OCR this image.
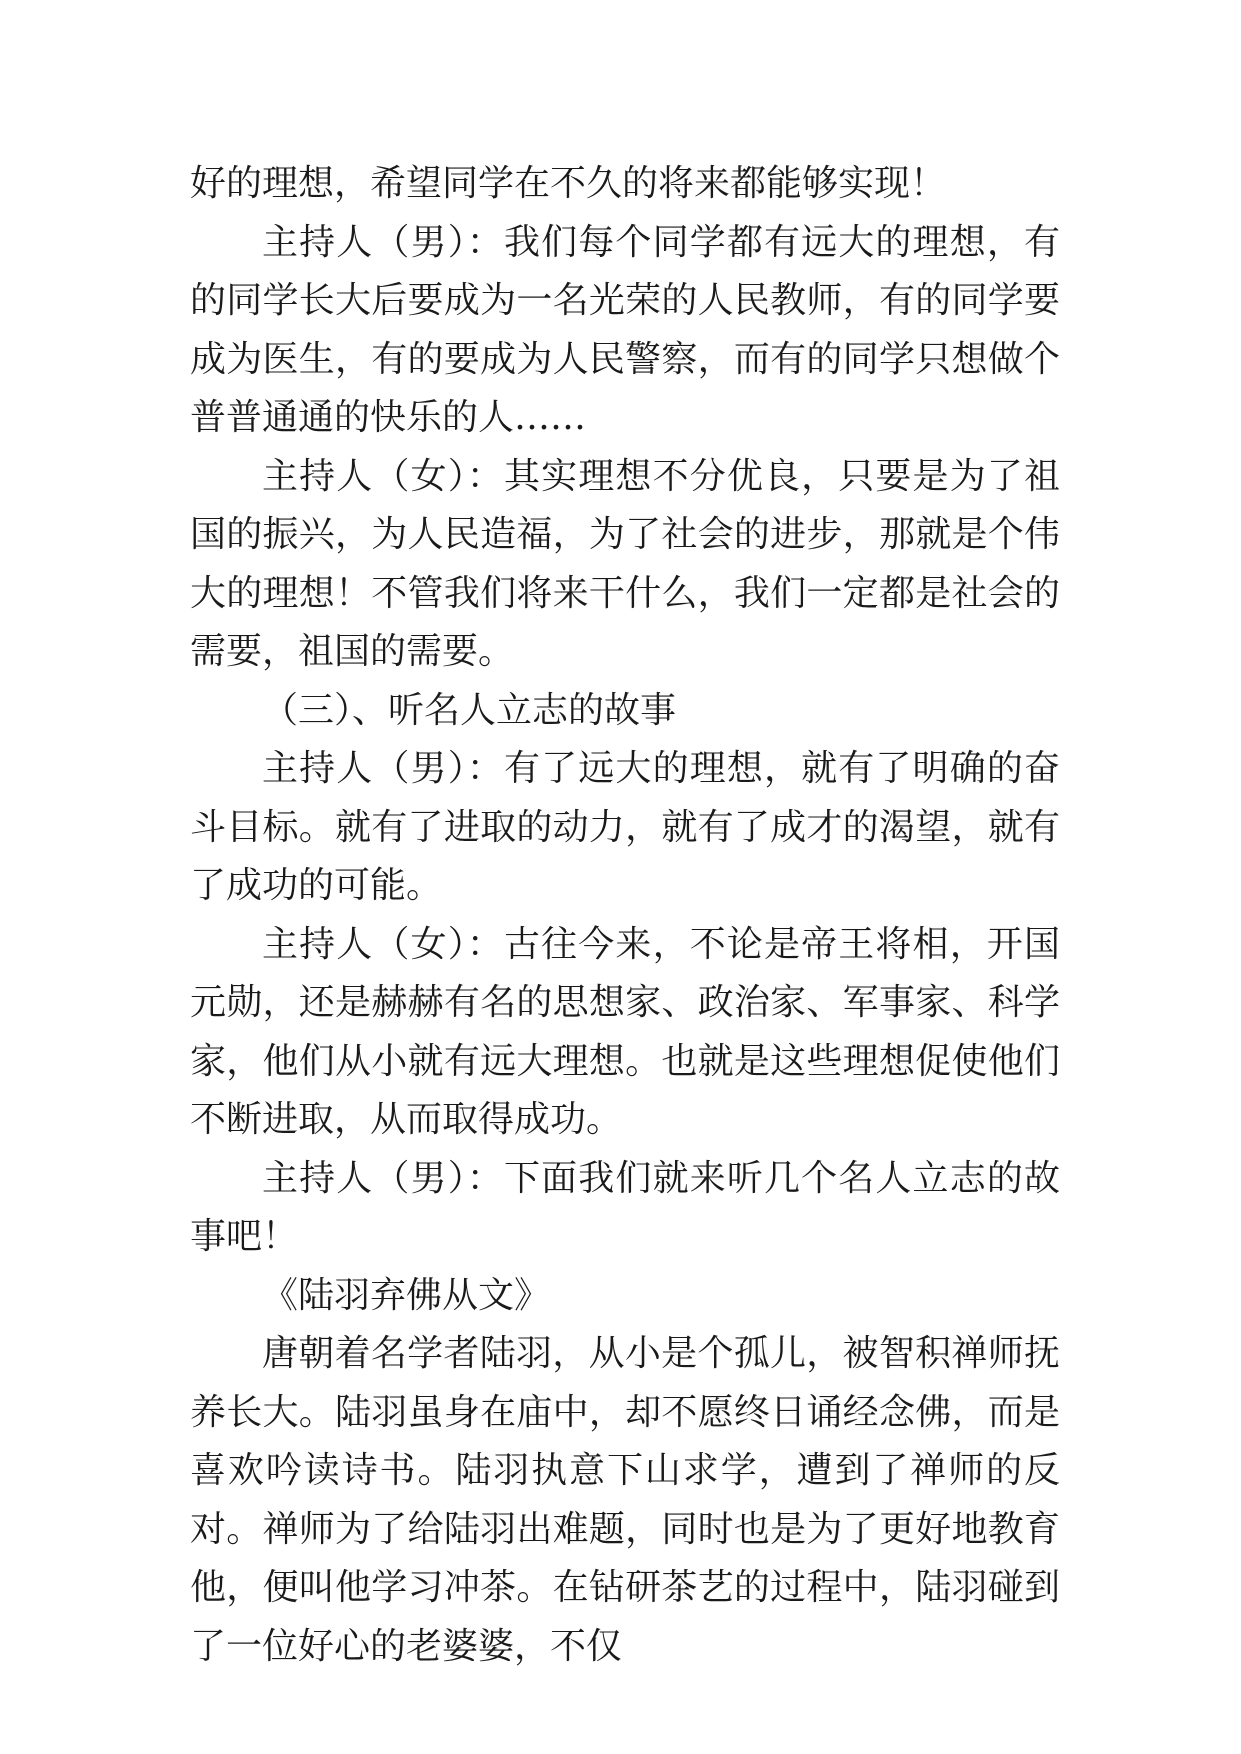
好的理想，希望同学在不久的将来都能够实现！

主持人（男）：我们每个同学都有远大的理想，有的同学长大后要成为一名光荣的人民教师，有的同学要成为医生，有的要成为人民警察，而有的同学只想做个普普通通的快乐的人……

主持人（女）：其实理想不分优良，只要是为了祖国的振兴，为人民造福，为了社会的进步，那就是个伟大的理想！不管我们将来干什么，我们一定都是社会的需要，祖国的需要。

（三）、听名人立志的故事

主持人（男）：有了远大的理想，就有了明确的奋斗目标。就有了进取的动力，就有了成才的渴望，就有了成功的可能。

主持人（女）：古往今来，不论是帝王将相，开国元勋，还是赫赫有名的思想家、政治家、军事家、科学家，他们从小就有远大理想。也就是这些理想促使他们不断进取，从而取得成功。

主持人（男）：下面我们就来听几个名人立志的故事吧！

《陆羽弃佛从文》

唐朝着名学者陆羽，从小是个孤儿，被智积禅师抚养长大。陆羽虽身在庙中，却不愿终日诵经念佛，而是喜欢吟读诗书。陆羽执意下山求学，遭到了禅师的反对。禅师为了给陆羽出难题，同时也是为了更好地教育他，便叫他学习冲茶。在钻研茶艺的过程中，陆羽碰到了一位好心的老婆婆，不仅
